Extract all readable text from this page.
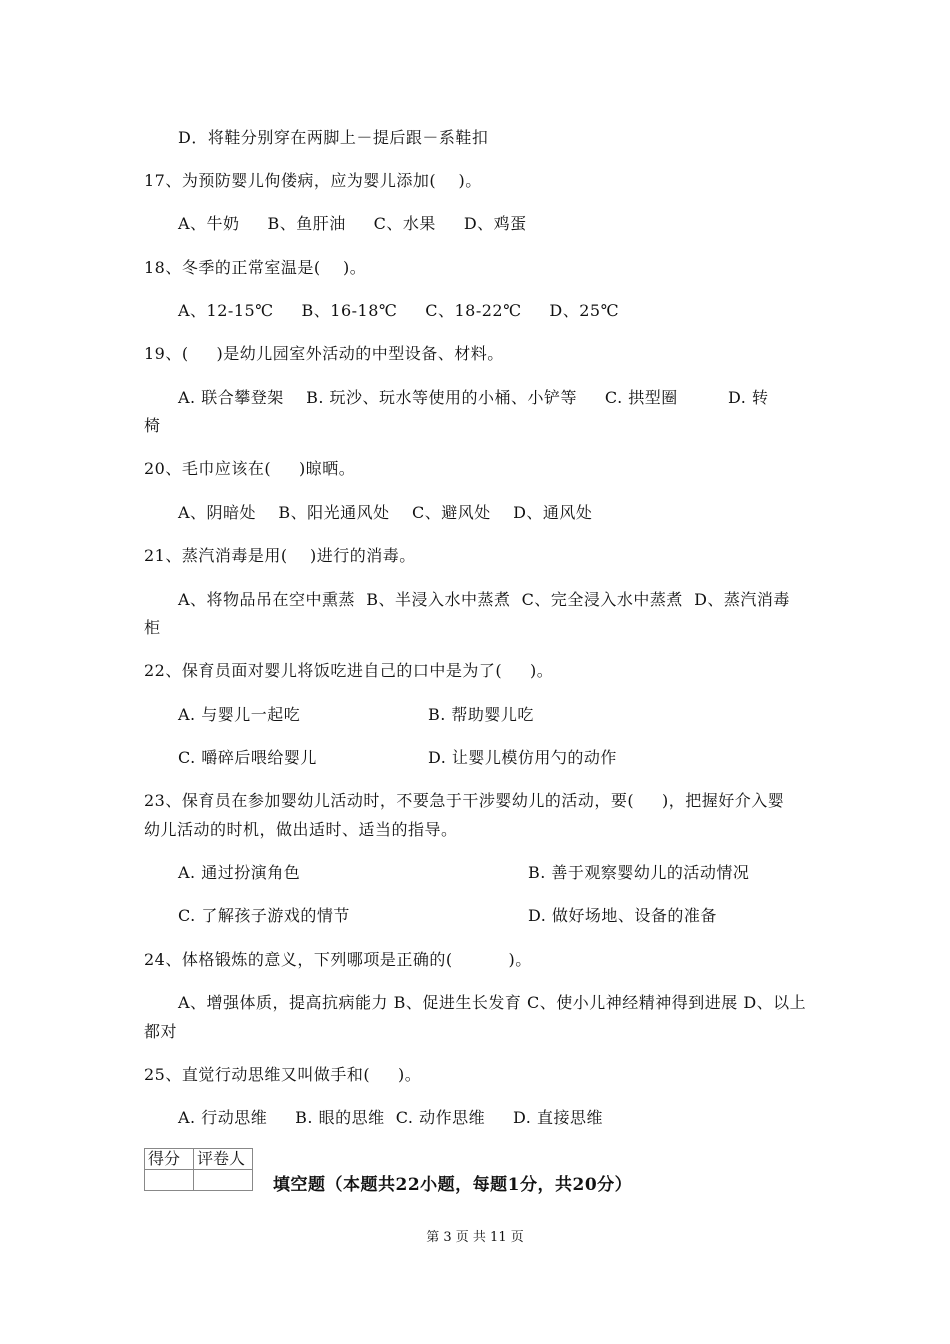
D．将鞋分别穿在两脚上－提后跟－系鞋扣
17、为预防婴儿佝偻病，应为婴儿添加(    )。
A、牛奶     B、鱼肝油     C、水果     D、鸡蛋
18、冬季的正常室温是(    )。
A、12-15℃     B、16-18℃     C、18-22℃     D、25℃
19、(     )是幼儿园室外活动的中型设备、材料。
A. 联合攀登架    B. 玩沙、玩水等使用的小桶、小铲等     C. 拱型圈         D. 转
椅
20、毛巾应该在(     )晾晒。
A、阴暗处    B、阳光通风处    C、避风处    D、通风处
21、蒸汽消毒是用(    )进行的消毒。
A、将物品吊在空中熏蒸  B、半浸入水中蒸煮  C、完全浸入水中蒸煮  D、蒸汽消毒
柜
22、保育员面对婴儿将饭吃进自己的口中是为了(     )。
A. 与婴儿一起吃	B. 帮助婴儿吃
C. 嚼碎后喂给婴儿	D. 让婴儿模仿用勺的动作
23、保育员在参加婴幼儿活动时，不要急于干涉婴幼儿的活动，要(     )，把握好介入婴
幼儿活动的时机，做出适时、适当的指导。
A. 通过扮演角色	B. 善于观察婴幼儿的活动情况
C. 了解孩子游戏的情节	D. 做好场地、设备的准备
24、体格锻炼的意义，下列哪项是正确的(          )。
A、增强体质，提高抗病能力 B、促进生长发育 C、使小儿神经精神得到进展 D、以上
都对
25、直觉行动思维又叫做手和(     )。
A. 行动思维     B. 眼的思维  C. 动作思维     D. 直接思维
得分	评卷人

填空题（本题共22小题，每题1分，共20分）
第 3 页 共 11 页
